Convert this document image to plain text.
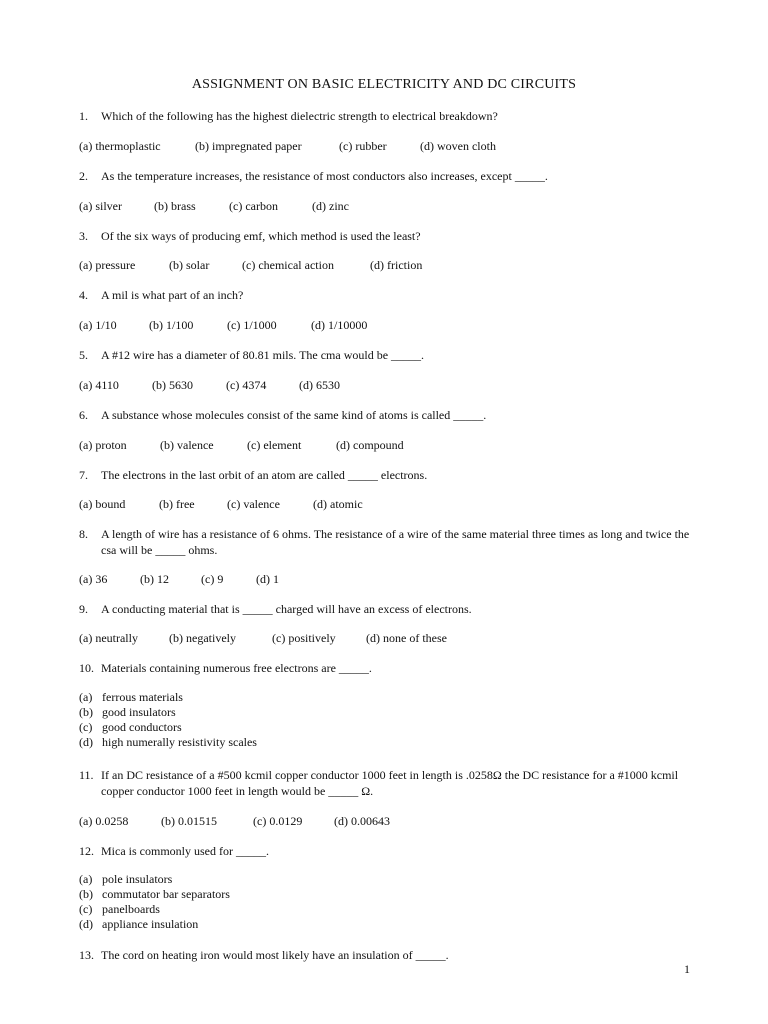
ASSIGNMENT ON BASIC ELECTRICITY AND DC CIRCUITS
1. Which of the following has the highest dielectric strength to electrical breakdown?
(a) thermoplastic	(b) impregnated paper	(c) rubber	(d) woven cloth
2. As the temperature increases, the resistance of most conductors also increases, except _____.
(a) silver	(b) brass	(c) carbon	(d) zinc
3. Of the six ways of producing emf, which method is used the least?
(a) pressure	(b) solar	(c) chemical action	(d) friction
4. A mil is what part of an inch?
(a) 1/10	(b) 1/100	(c) 1/1000	(d) 1/10000
5. A #12 wire has a diameter of 80.81 mils. The cma would be _____.
(a) 4110	(b) 5630	(c) 4374	(d) 6530
6. A substance whose molecules consist of the same kind of atoms is called _____.
(a) proton	(b) valence	(c) element	(d) compound
7. The electrons in the last orbit of an atom are called _____ electrons.
(a) bound	(b) free	(c) valence	(d) atomic
8. A length of wire has a resistance of 6 ohms. The resistance of a wire of the same material three times as long and twice the csa will be _____ ohms.
(a) 36	(b) 12	(c) 9	(d) 1
9. A conducting material that is _____ charged will have an excess of electrons.
(a) neutrally	(b) negatively	(c) positively	(d) none of these
10. Materials containing numerous free electrons are _____.
(a) ferrous materials
(b) good insulators
(c) good conductors
(d) high numerally resistivity scales
11. If an DC resistance of a #500 kcmil copper conductor 1000 feet in length is .0258Ω the DC resistance for a #1000 kcmil copper conductor 1000 feet in length would be _____ Ω.
(a) 0.0258	(b) 0.01515	(c) 0.0129	(d) 0.00643
12. Mica is commonly used for _____.
(a) pole insulators
(b) commutator bar separators
(c) panelboards
(d) appliance insulation
13. The cord on heating iron would most likely have an insulation of _____.
1
